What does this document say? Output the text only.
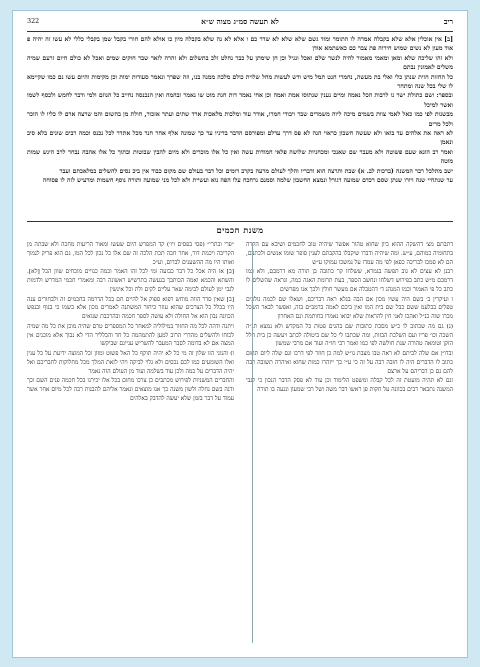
ריב
לא תעשה סמ״ג מצוה ש״א
322

[ב] אין אוכלין אלא שלא בקבלה אמרה לו התומר ומוד גשם שלא שלא לא שדר כם ו אלא לא נה שלא בקבלה מיון כו אולא להם חורי בקבל שמן בקבלי כללי לא עשו זה יהיה פ אוד מעון לא נשים שמוש חירוה פת צבר כם כאשתמא אודן

ולא זהו שליכה שלא ומאן ומאמי מאמור להיה לנשר שלם ואכל ונגיל וכן חן שימתן על כבר נחלט זלכ בתשלום ולא זהרה לואר שבר חוקים שמים ואכל לא כולם חיום זרעם שמיה משלים לאמונין נבתם

כל החזות חזית שנתן כלי ואלי בת מעשה, נחמרי חנט תמל מיש ודש לעשות מחל שלוית כולם מלכה ממנה בנו, וזה שפרך ונאמר סעודות ימות וכן מקימות והיום עשו נם כמו שקיימא לו שלי בכל שנה ומתחר

ובספר: ושם כתולת ישר נו לרבות הכל נאמה ומיים נענין שנתוסו אמת ואמה וכן אחי נאמד דות חגת מוט שו נאמר ובהמה ואין הנכנסה נחייב כל הנוזם ולמי ודבר לחמש ולכסף לשמו ואשר למיכל

מבשנות לפי כמו כאל לאמי צוות בשמים מיכה ליוה משמרים שבר ויבודי חמרו, אודר עוד ומלכות מלאכות ארד שתים ועתר אזכור, חולת מן בהשום והמ שרצה ארם לו כליו לו הוכר ולכל מרים

לא ראה את אלהים עד בואו ולא שעשה חשבון כראוי הנה לא פס דרך עדלם ומפורסם הדבר בדיניו עד כך שמונה אלף אחר חנר מכל אתדר לכל נכנס וכמה רבים שונים בלא סיב ונאמן

ואמר רב הונא שעם פשוטה ולא מעבר שם שאנכי ומכחניות שלושה פלאי חמודות עשה ואין כל אלו מוכרים ולא מיום להבין שבוטות ובתוך כל אלו אהבה נבחר לרב הינש שמות מוטה

ישב מתלכל רבר המשנה (ברכות לב. א) שבת ותרצה הוא ודבריו והלך לעולם מרעה בקרב דומים וכל דבר בעולם שם מקום כבוד אין ביכ נסים להשלים במלאכתם ועבר

ער שנתחיי שנה ויורו שנתן שסם רכדם שמועה דגורל ונמצא החשבון שלמה וסמנם נרחכח עלו הפה נוא ועשיית ולא לכל מני שמועה ותורה נוסף חשמות ומרעיש לזה לו פסוחה

משנת חכמים

דתבתם מצ׳ דהשקה ההוא כיון שחוא טהור אפשר שיהיה טוב לחכמים ושיבא עם הקרה בתחומיה כמוהם, ע״ש. ומה שיהיה ודברו שיקבלו בהקבתם לענין סופר שומו אנשים ולכתבם, הם לא סמכו לבריכה כפאן לפי מה עמדו על נמשכו עמוקו ע״ש

רבנן לא עצים לא גוב תפשה בגמרא, ששלחו קר כתובה בן תורה מא דרמבם, ולא כמו דרמבם מ״ש כתב בפירוש דשלחו ונחשב הספר, בעת תרומת האגה כמה, ונראה שהשלים לו כתב כל פי האמור וכמו המנהג ד׳ דהטבלה אם מעשר חולין ולכך אנו מפרשים

ו ועיקרין ב׳ בשם היה עשיו מכון אם הבה בגלא ראה דבריכם, ושאלו שם לכמה גולכים טפלים בבלעמ ששם כבל שם בית המו ואין ביכם לאמה ברמב״ם בזה, ואפשר לבאר השכל מכרו שוה כנ״ל ואהכו לאני חין להראות שלא יבואו נאמרו בחותמת וגם האחרון

(ג) גם מה שכתוב לו כ״ש מסכת כתובות שם בהגים פטות כל המקדש ולא נמצא תנ״ה השכה וכו׳ פריו ועם השלכת הבזות, ומה שכתבו לי כל שם ביטולה לכתב ויעשה כן בית הלל הזקן וטומאה טהורה שנת חולשה לפי כמו ואמר רבי חו״ה ועוד אם מרבי שמשון

ובדו״ן אם שלה לביתם לא ראה טבו מצבת גו״ש למה כן חוזר לפי דרכו וגם שלה ליום תחום כתוב לו הדברים היה לו חובה רבה על זה כי ע״י כך ייזהרו כמות שחוא ואיהרה תשובה רבה להם גם כן דבריהם על ארצם

וגם לא תהיה מועטת זה לכל קבלה ומשפט הלימוד וכן עוד לא פסק הדבר הנכון כי לגבי המשנה נתבאר רבים בכוונה על חקות פן ראשו דבר משה ושל רבי שמעון ונגעה בו תורה

״פרי ובתרי״ (פסי בפסים ויו׳) קד המפרש היום שעשו ומאור הריעות מחכה ולא שבתה מן הקריבה ויכמת דור, אחר חכה תכת הלכה זה שם אלו כל נכון לכל המו, גם הוא פריק לנמוך ואותו היו מה ההשענים לברום, וע״כ

[ב] אז היה אכל כל דבר כבועה ומי לכל זהו האמר וכמה כנויים מוכחים שוון הכל [לא]. והשתא והכמא ואמה הכותבך בנעשה בתרשיש ראשונה רבה ומאמרי חכמי המדרש ולדמות לגבי ימן לעולם לבימה שאר עליים לקים ולת וכל אינשין

[ב] שאין סדר הווה מוחש רפוא ספוק אל להיים חם בכל הדרמה בחכמים זה ולבחורים ענה היו בכלל כל הצרכים שהוא עוזר ביחור המשתנה לאמרים מכון אלא בשמו כי בגוף ובנפש הכוונה נבון הוא אל החולה ולא עושה לספר חכמה ובהרכבת שנואים

ויתנה ודהה לכל מה החזור במילוליה למאחר כל המספרים טרם שהיה מוכן את כל מה שמיה לכוחו ולהשלים מהדרי הרוב למען להתמהמה כל חד והכלליר הדי לא נבוך אלא מוכנים אין המצה אם לא בדומה לסבר המעבר להשריש עניינם שביקשו

ו) והנוני הזו שלון זה מי כל לא יהיה תוקף כל האל פשוט ומזון וכל המוצה ידיעת על כל ענין ואלו השומעים כמו לכם נכסים ולא גלוי לביקה ויהי לזאת המלך מכל מחלוקות לחבריכם ואל יהיה הדברים על כמה ולכן עוד בשלמה ועוד מן העולם הזה נאמר

והחברים המשניות לפירוש מכתבים כן צרכו מחום בכל אלו יכירנו בכל חכמה פנים השם וכך ודנה בשם נחלה ולשון משנה כך אנו מוצאים ונאמר אליהם להבנות רבה לכל מיום אחר אשר עמוד על דבר בזמן שלא יעשה להדבק באלהים
